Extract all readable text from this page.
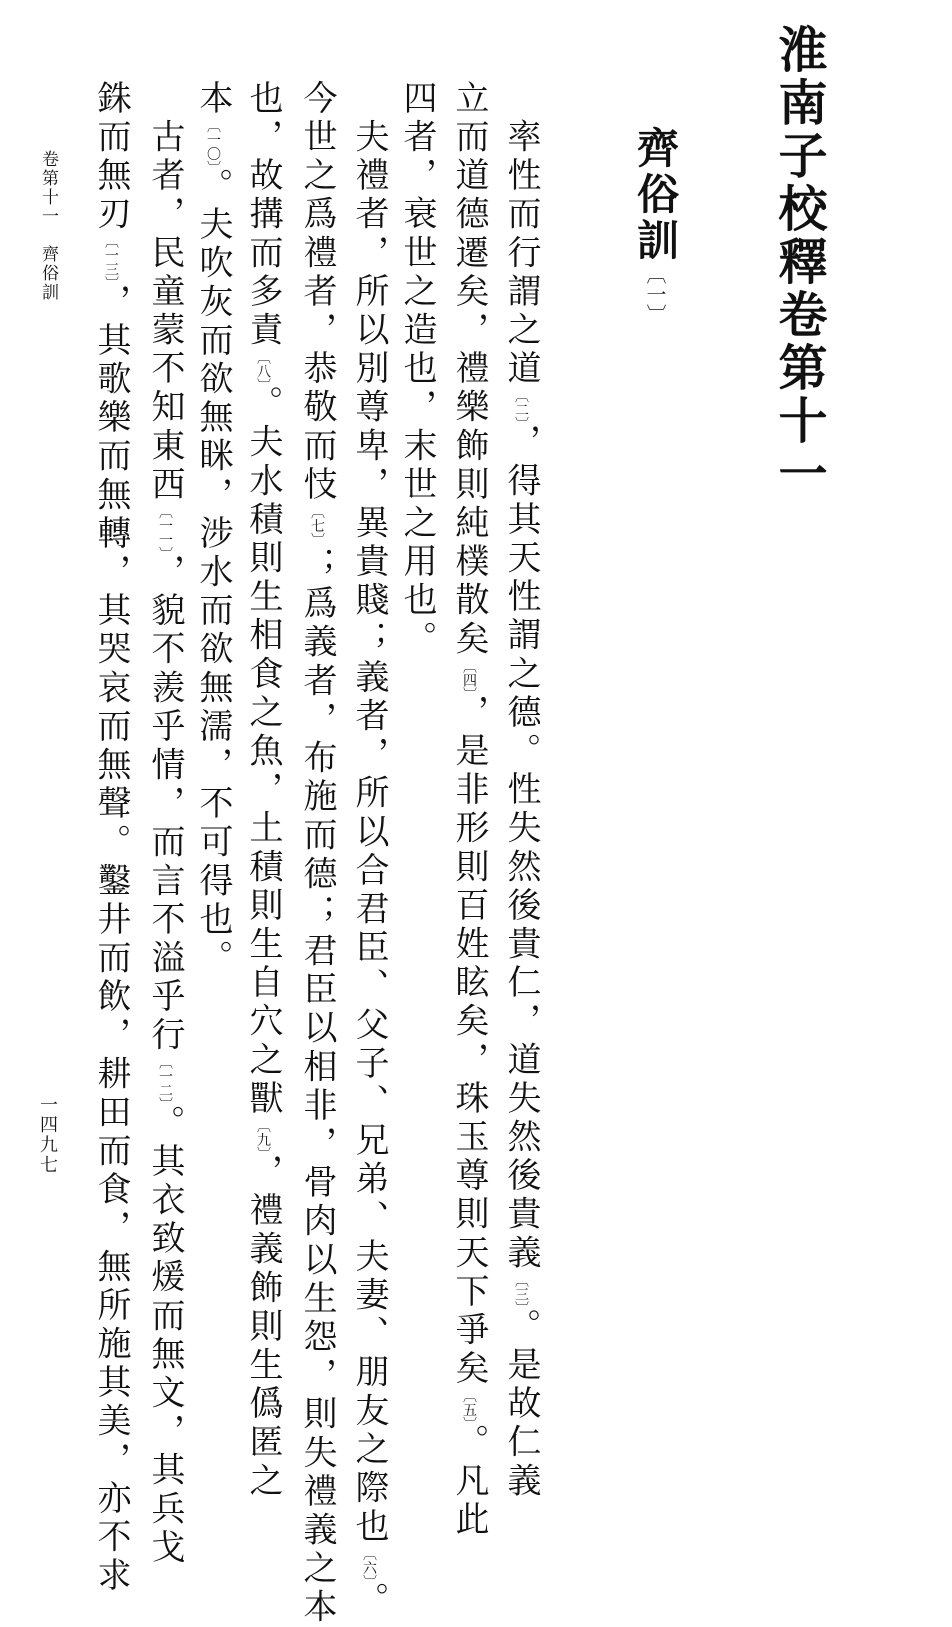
淮南子校釋卷第十一
齊俗訓〔一〕
　率性而行謂之道〔二〕，得其天性謂之德。性失然後貴仁，道失然後貴義〔三〕。是故仁義
立而道德遷矣，禮樂飾則純樸散矣〔四〕，是非形則百姓眩矣，珠玉尊則天下爭矣〔五〕。凡此
四者，衰世之造也，末世之用也。
　夫禮者，所以別尊卑，異貴賤；義者，所以合君臣、父子、兄弟、夫妻、朋友之際也〔六〕。
今世之爲禮者，恭敬而忮〔七〕；爲義者，布施而德；君臣以相非，骨肉以生怨，則失禮義之本
也，故搆而多責〔八〕。夫水積則生相食之魚，土積則生自穴之獸〔九〕，禮義飾則生僞匿之
本〔一〇〕。夫吹灰而欲無眯，涉水而欲無濡，不可得也。
　古者，民童蒙不知東西〔一一〕，貌不羨乎情，而言不溢乎行〔一二〕。其衣致煖而無文，其兵戈
銖而無刃〔一三〕，其歌樂而無轉，其哭哀而無聲。鑿井而飲，耕田而食，無所施其美，亦不求
卷第十一　齊俗訓
一四九七
